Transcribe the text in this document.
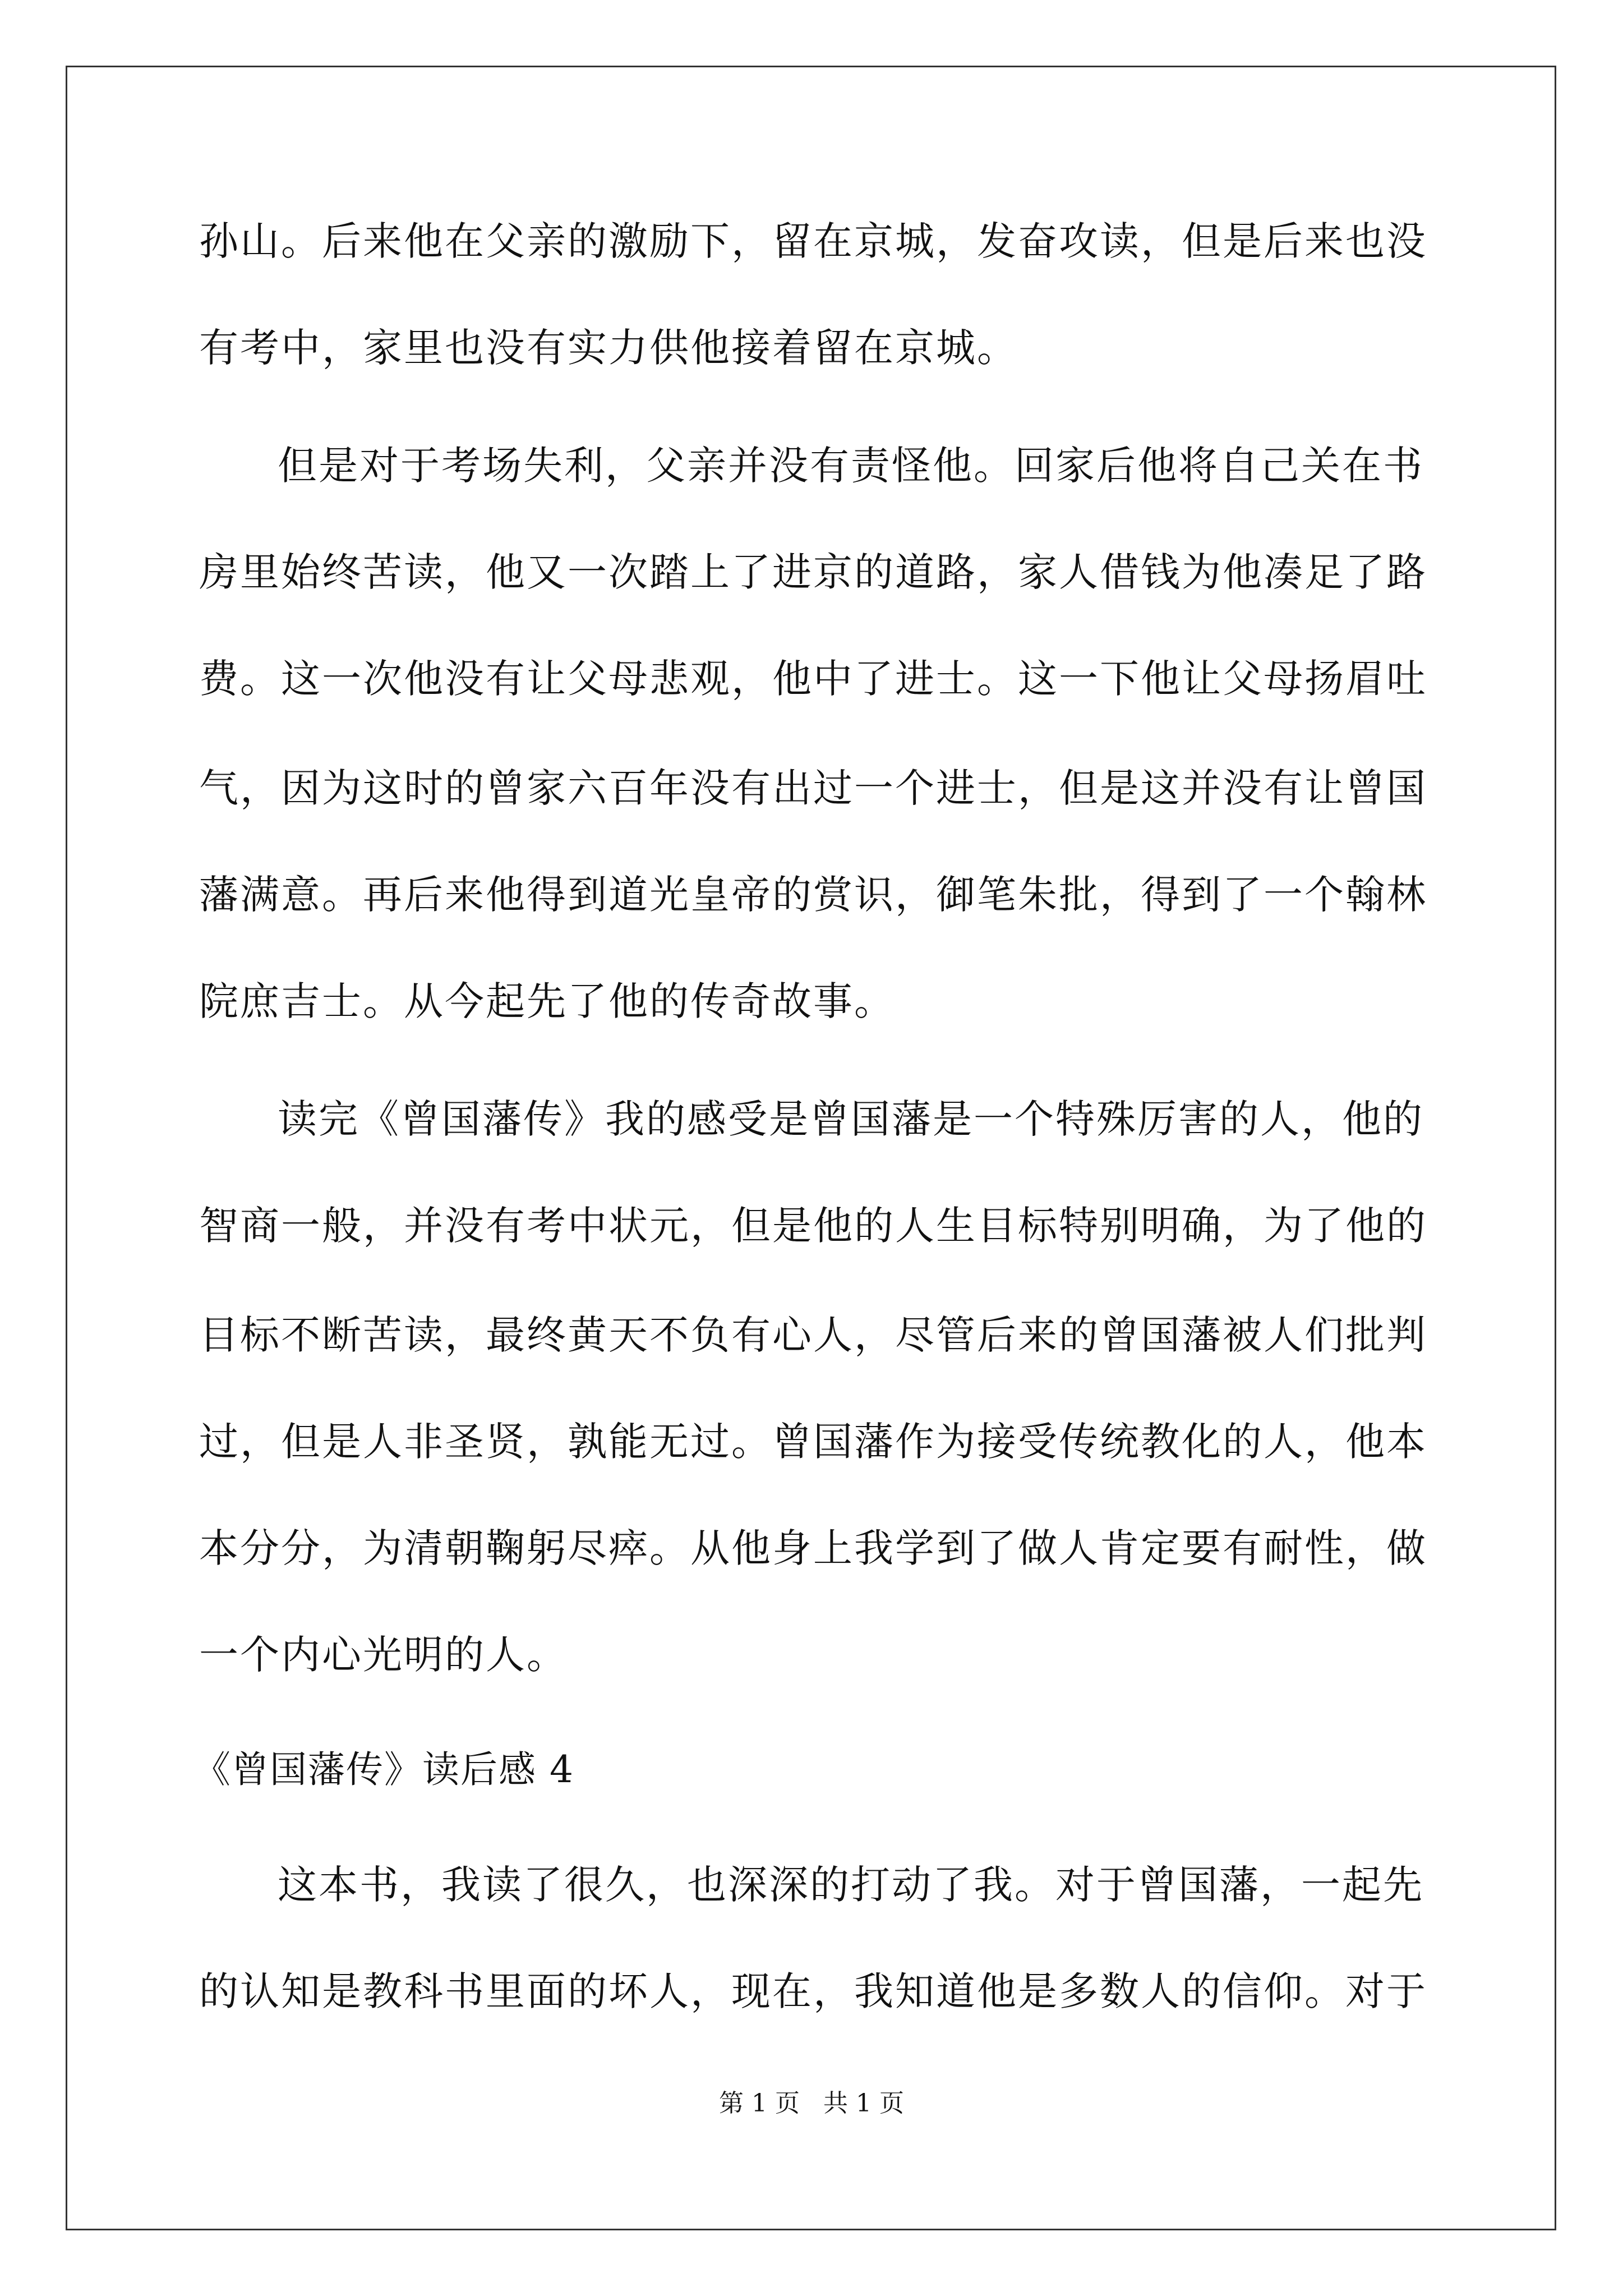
孙山。后来他在父亲的激励下，留在京城，发奋攻读，但是后来也没
有考中，家里也没有实力供他接着留在京城。
但是对于考场失利，父亲并没有责怪他。回家后他将自己关在书
房里始终苦读，他又一次踏上了进京的道路，家人借钱为他凑足了路
费。这一次他没有让父母悲观，他中了进士。这一下他让父母扬眉吐
气，因为这时的曾家六百年没有出过一个进士，但是这并没有让曾国
藩满意。再后来他得到道光皇帝的赏识，御笔朱批，得到了一个翰林
院庶吉士。从今起先了他的传奇故事。
读完《曾国藩传》我的感受是曾国藩是一个特殊厉害的人，他的
智商一般，并没有考中状元，但是他的人生目标特别明确，为了他的
目标不断苦读，最终黄天不负有心人，尽管后来的曾国藩被人们批判
过，但是人非圣贤，孰能无过。曾国藩作为接受传统教化的人，他本
本分分，为清朝鞠躬尽瘁。从他身上我学到了做人肯定要有耐性，做
一个内心光明的人。
《曾国藩传》读后感 4
这本书，我读了很久，也深深的打动了我。对于曾国藩，一起先
的认知是教科书里面的坏人，现在，我知道他是多数人的信仰。对于
第 1 页   共 1 页
